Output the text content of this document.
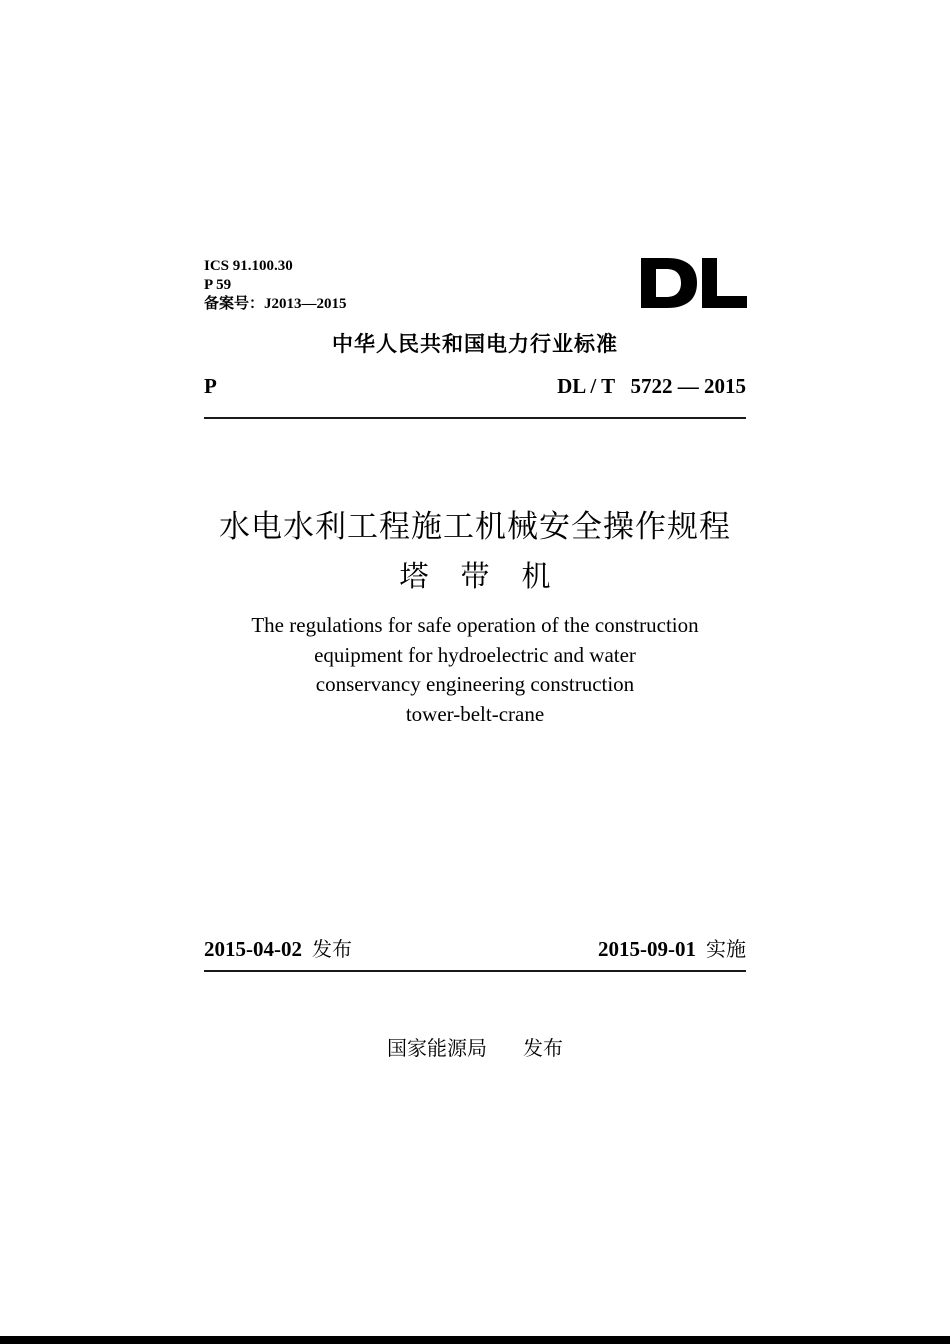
ICS 91.100.30
P 59
备案号：J2013—2015
中华人民共和国电力行业标准
P	DL / T   5722 — 2015
水电水利工程施工机械安全操作规程
塔带机
The regulations for safe operation of the construction
equipment for hydroelectric and water
conservancy engineering construction
tower-belt-crane
2015-04-02 发布	2015-09-01 实施
国家能源局 发布
